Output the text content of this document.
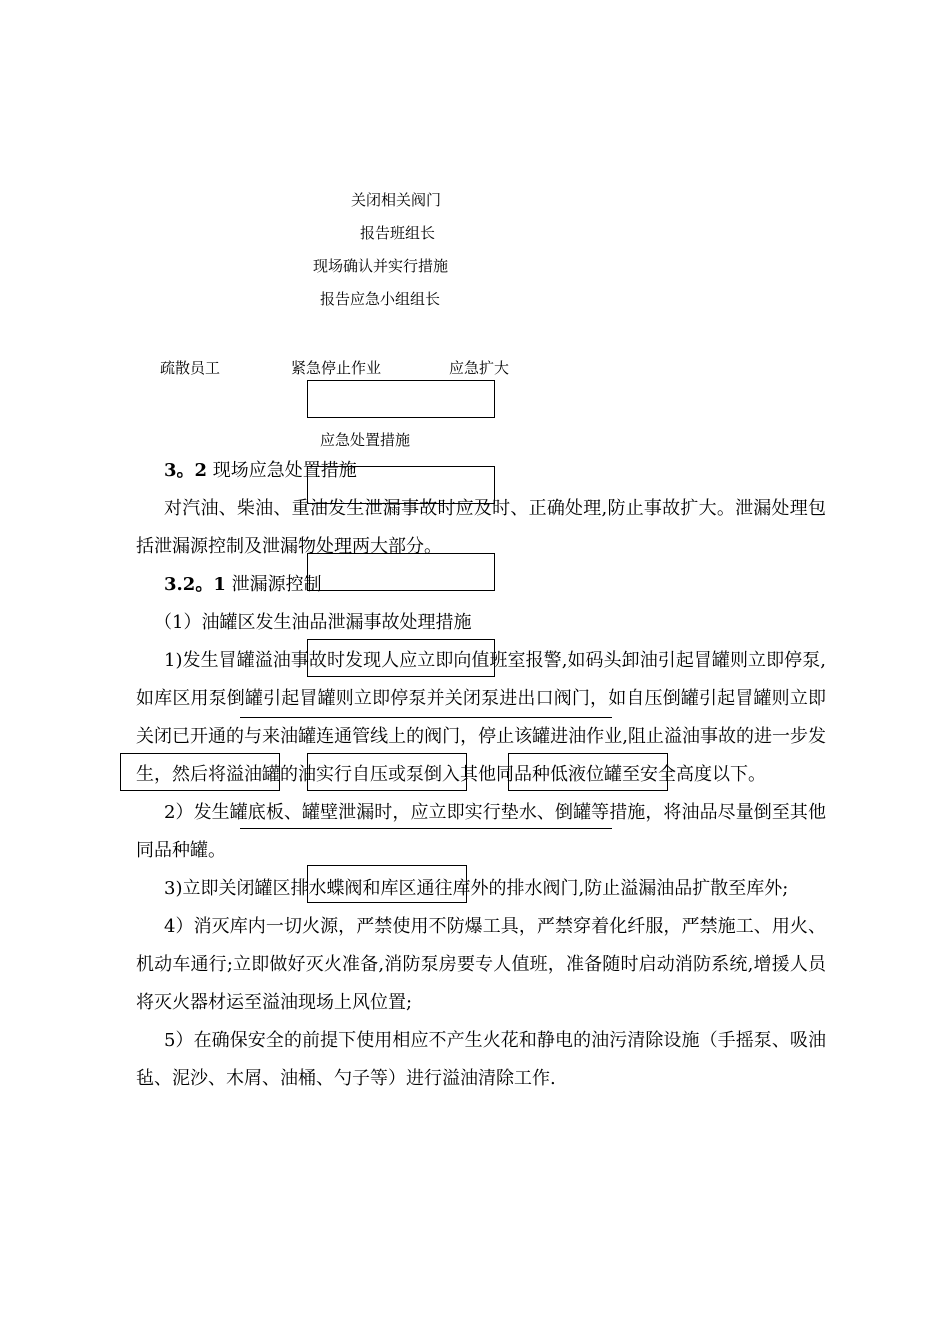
关闭相关阀门
报告班组长
现场确认并实行措施
报告应急小组组长
疏散员工	紧急停止作业	应急扩大
应急处置措施

3。2 现场应急处置措施

对汽油、柴油、重油发生泄漏事故时应及时、正确处理,防止事故扩大。泄漏处理包括泄漏源控制及泄漏物处理两大部分。

3.2。1 泄漏源控制

（1）油罐区发生油品泄漏事故处理措施

1)发生冒罐溢油事故时发现人应立即向值班室报警,如码头卸油引起冒罐则立即停泵,如库区用泵倒罐引起冒罐则立即停泵并关闭泵进出口阀门，如自压倒罐引起冒罐则立即关闭已开通的与来油罐连通管线上的阀门，停止该罐进油作业,阻止溢油事故的进一步发生，然后将溢油罐的油实行自压或泵倒入其他同品种低液位罐至安全高度以下。

2）发生罐底板、罐壁泄漏时，应立即实行垫水、倒罐等措施，将油品尽量倒至其他同品种罐。

3)立即关闭罐区排水蝶阀和库区通往库外的排水阀门,防止溢漏油品扩散至库外;

4）消灭库内一切火源，严禁使用不防爆工具，严禁穿着化纤服，严禁施工、用火、机动车通行;立即做好灭火准备,消防泵房要专人值班，准备随时启动消防系统,增援人员将灭火器材运至溢油现场上风位置;

5）在确保安全的前提下使用相应不产生火花和静电的油污清除设施（手摇泵、吸油毡、泥沙、木屑、油桶、勺子等）进行溢油清除工作.
